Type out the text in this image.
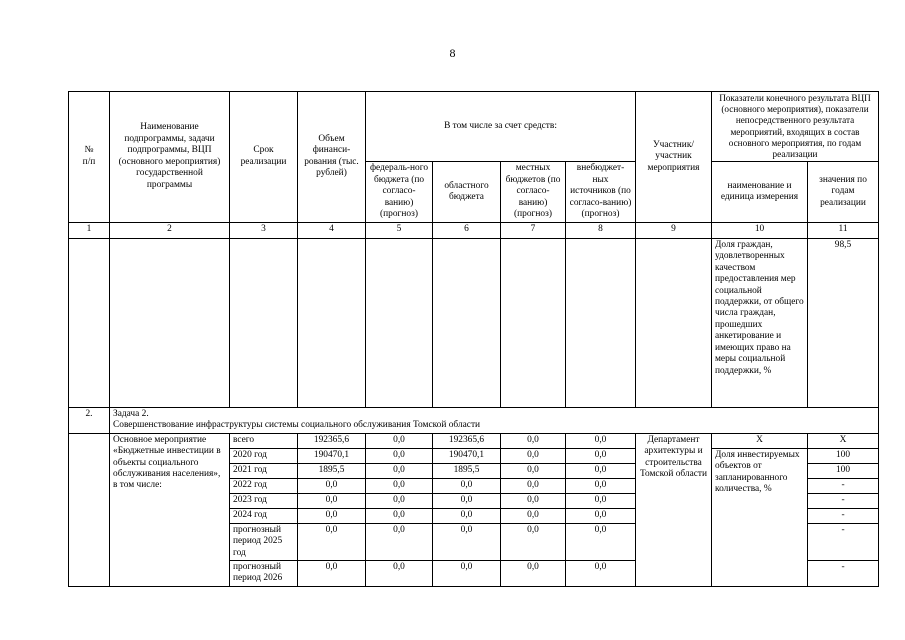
8
№
п/п	Наименование подпрограммы, задачи подпрограммы, ВЦП (основного мероприятия) государственной программы	Срок реализации	Объем финанси-рования (тыс. рублей)	В том числе за счет средств:				Участник/ участник мероприятия	Показатели конечного результата ВЦП (основного мероприятия), показатели непосредственного результата мероприятий, входящих в состав основного мероприятия, по годам реализации	
				федераль-ного бюджета (по согласо-ванию) (прогноз)	областного бюджета	местных бюджетов (по согласо-ванию) (прогноз)	внебюджет-ных источников (по согласо-ванию) (прогноз)		наименование и единица измерения	значения по годам реализации
1	2	3	4	5	6	7	8	9	10	11
									Доля граждан, удовлетворенных качеством предоставления мер социальной поддержки, от общего числа граждан, прошедших анкетирование и имеющих право на меры социальной поддержки, %	98,5
2.	Задача 2.
Совершенствование инфраструктуры системы социального обслуживания Томской области									

	Основное мероприятие «Бюджетные инвестиции в объекты социального обслуживания населения», в том числе:	всего	192365,6	0,0	192365,6	0,0	0,0	Департамент архитектуры и строительства Томской области	X	X
		2020 год	190470,1	0,0	190470,1	0,0	0,0		Доля инвестируемых объектов от запланированного количества, %	100
		2021 год	1895,5	0,0	1895,5	0,0	0,0			100
		2022 год	0,0	0,0	0,0	0,0	0,0			-
		2023 год	0,0	0,0	0,0	0,0	0,0			-
		2024 год	0,0	0,0	0,0	0,0	0,0			-
		прогнозный период 2025 год	0,0	0,0	0,0	0,0	0,0			-
		прогнозный период 2026	0,0	0,0	0,0	0,0	0,0			-
